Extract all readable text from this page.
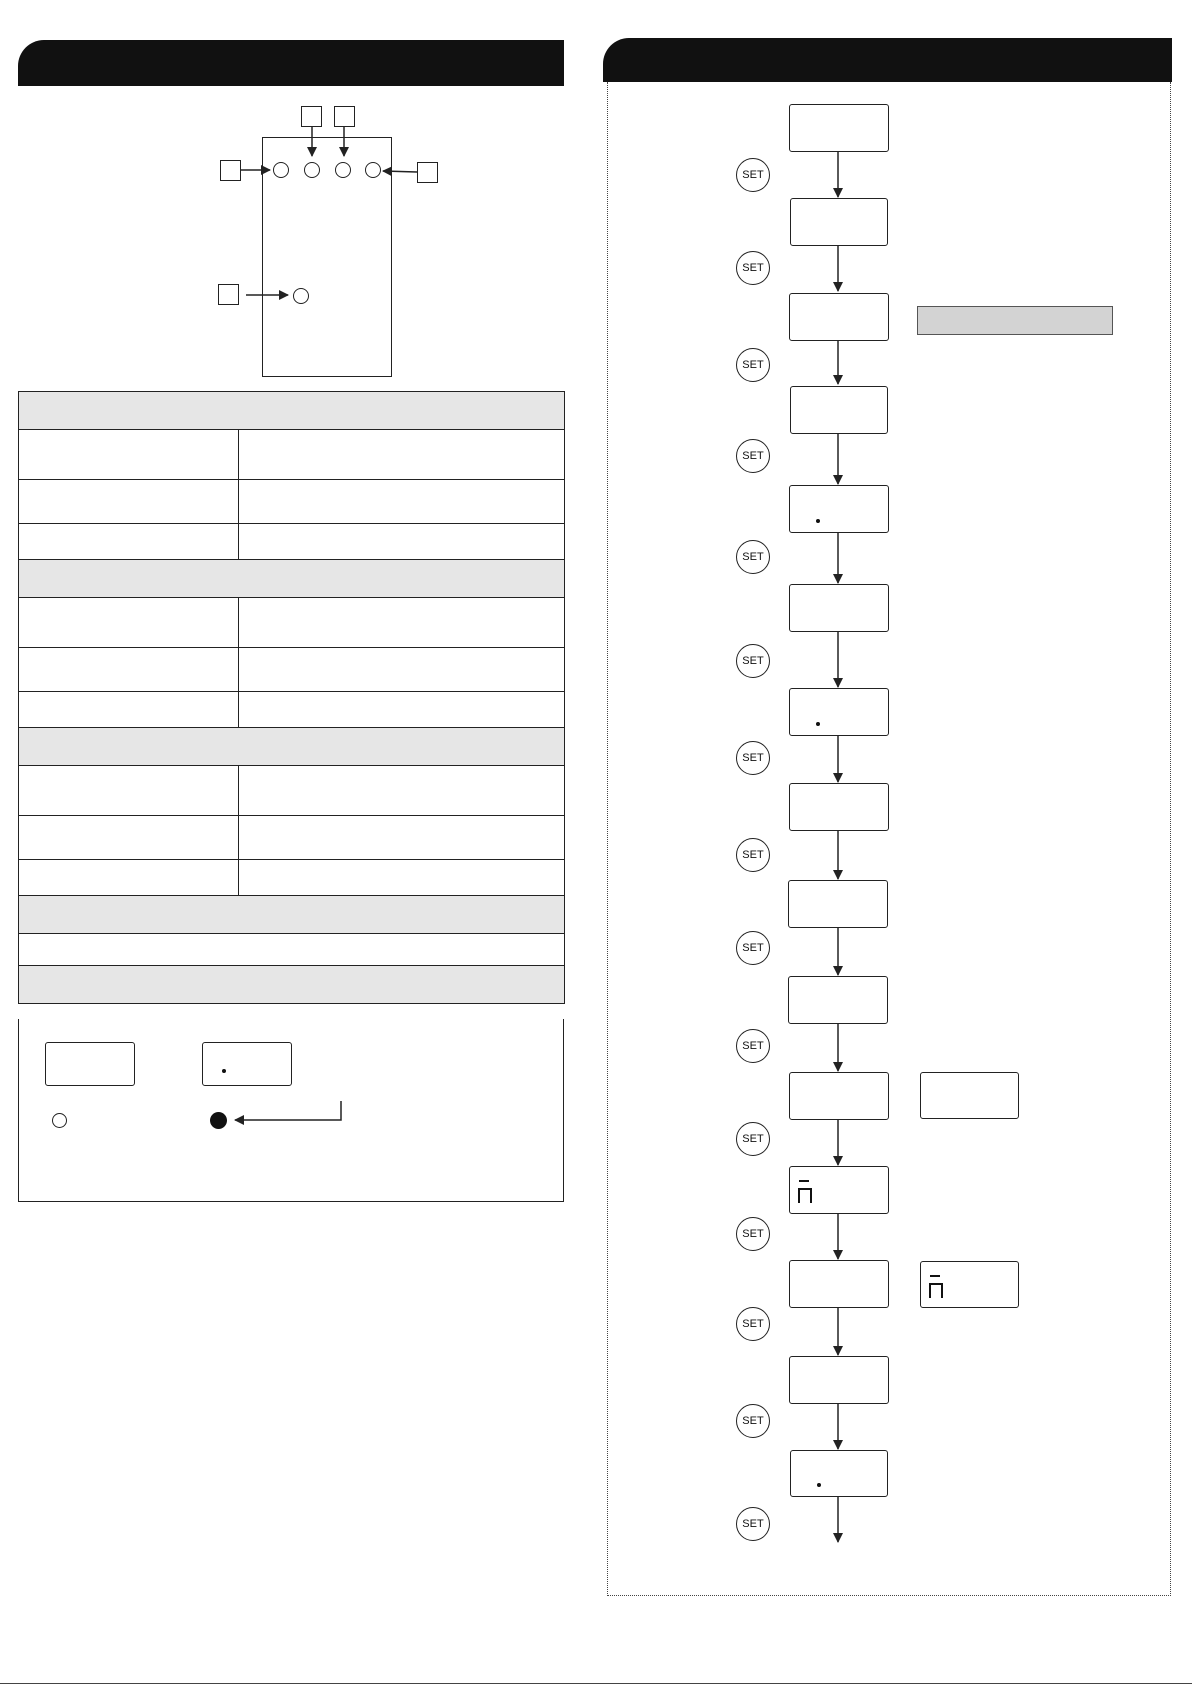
SET
SET
SET
SET
SET
SET
SET
SET
SET
SET
SET
SET
SET
SET
SET
